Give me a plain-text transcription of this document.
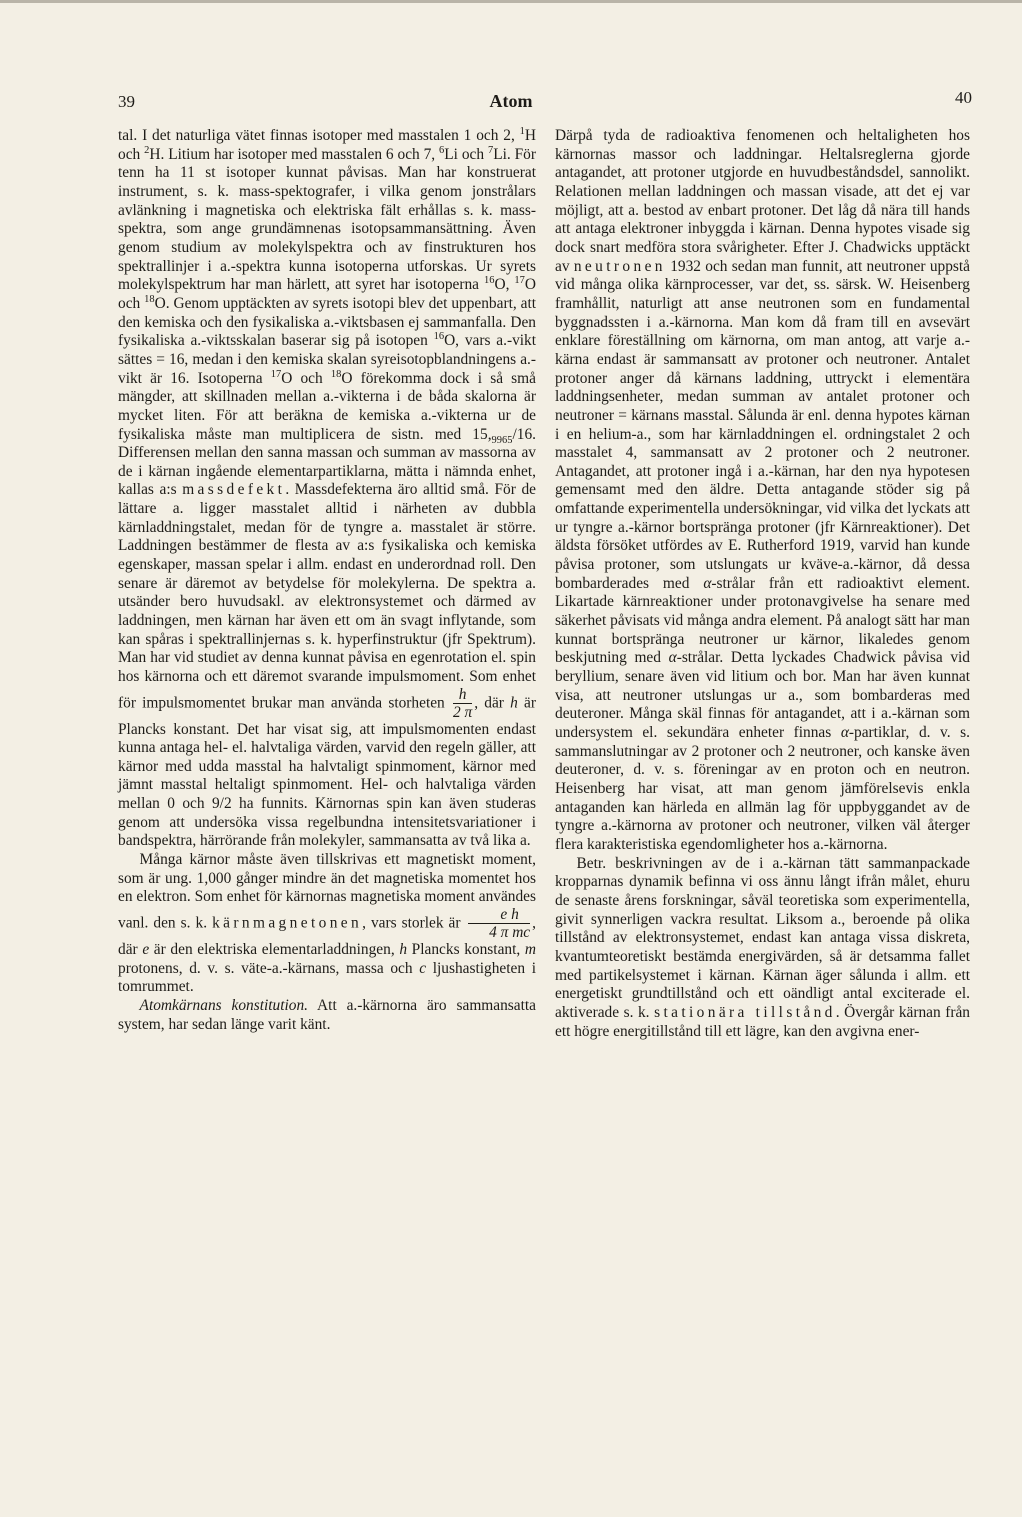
39	Atom	40

tal. I det naturliga vätet finnas isotoper med masstalen 1 och 2, $^1$H och $^2$H. Litium har isotoper med masstalen 6 och 7, $^6$Li och $^7$Li. För tenn ha 11 st isotoper kunnat påvisas. Man har konstruerat instrument, s. k. mass-spektografer, i vilka genom jonstrålars avlänkning i magnetiska och elektriska fält erhållas s. k. mass-spektra, som ange grundämnenas isotopsammansättning. Även genom studium av molekylspektra och av finstrukturen hos spektrallinjer i a.-spektra kunna isotoperna utforskas. Ur syrets molekylspektrum har man härlett, att syret har isotoperna $^{16}$O, $^{17}$O och $^{18}$O. Genom upptäckten av syrets isotopi blev det uppenbart, att den kemiska och den fysikaliska a.-viktsbasen ej sammanfalla. Den fysikaliska a.-viktsskalan baserar sig på isotopen $^{16}$O, vars a.-vikt sättes = 16, medan i den kemiska skalan syreisotopblandningens a.-vikt är 16. Isotoperna $^{17}$O och $^{18}$O förekomma dock i så små mängder, att skillnaden mellan a.-vikterna i de båda skalorna är mycket liten. För att beräkna de kemiska a.-vikterna ur de fysikaliska måste man multiplicera de sistn. med $15,_{9965}/16$. Differensen mellan den sanna massan och summan av massorna av de i kärnan ingående elementarpartiklarna, mätta i nämnda enhet, kallas a:s massdefekt. Massdefekterna äro alltid små. För de lättare a. ligger masstalet alltid i närheten av dubbla kärnladdningstalet, medan för de tyngre a. masstalet är större. Laddningen bestämmer de flesta av a:s fysikaliska och kemiska egenskaper, massan spelar i allm. endast en underordnad roll. Den senare är däremot av betydelse för molekylerna. De spektra a. utsänder bero huvudsakl. av elektronsystemet och därmed av laddningen, men kärnan har även ett om än svagt inflytande, som kan spåras i spektrallinjernas s. k. hyperfinstruktur (jfr Spektrum). Man har vid studiet av denna kunnat påvisa en egenrotation el. spin hos kärnorna och ett däremot svarande impulsmoment. Som enhet för impulsmomentet brukar man använda storheten $\frac{h}{2 \pi}$ , där h är Plancks konstant. Det har visat sig, att impulsmomenten endast kunna antaga hel- el. halvtaliga värden, varvid den regeln gäller, att kärnor med udda masstal ha halvtaligt spinmoment, kärnor med jämnt masstal heltaligt spinmoment. Hel- och halvtaliga värden mellan 0 och 9/2 ha funnits. Kärnornas spin kan även studeras genom att undersöka vissa regelbundna intensitetsvariationer i bandspektra, härrörande från molekyler, sammansatta av två lika a.

Många kärnor måste även tillskrivas ett magnetiskt moment, som är ung. 1,000 gånger mindre än det magnetiska momentet hos en elektron. Som enhet för kärnornas magnetiska moment användes vanl. den s. k. kärnmagnetonen, vars storlek är $\frac{\text{e h}}{\text{4 π mc}}$ , där e är den elektriska elementarladdningen, h Plancks konstant, m protonens, d. v. s. väte-a.-kärnans, massa och c ljushastigheten i tomrummet.

Atomkärnans konstitution. Att a.-kärnorna äro sammansatta system, har sedan länge varit känt.

Därpå tyda de radioaktiva fenomenen och heltaligheten hos kärnornas massor och laddningar. Heltalsreglerna gjorde antagandet, att protoner utgjorde en huvudbeståndsdel, sannolikt. Relationen mellan laddningen och massan visade, att det ej var möjligt, att a. bestod av enbart protoner. Det låg då nära till hands att antaga elektroner inbyggda i kärnan. Denna hypotes visade sig dock snart medföra stora svårigheter. Efter J. Chadwicks upptäckt av neutronen 1932 och sedan man funnit, att neutroner uppstå vid många olika kärnprocesser, var det, ss. särsk. W. Heisenberg framhållit, naturligt att anse neutronen som en fundamental byggnadssten i a.-kärnorna. Man kom då fram till en avsevärt enklare föreställning om kärnorna, om man antog, att varje a.-kärna endast är sammansatt av protoner och neutroner. Antalet protoner anger då kärnans laddning, uttryckt i elementära laddningsenheter, medan summan av antalet protoner och neutroner = kärnans masstal. Sålunda är enl. denna hypotes kärnan i en helium-a., som har kärnladdningen el. ordningstalet 2 och masstalet 4, sammansatt av 2 protoner och 2 neutroner. Antagandet, att protoner ingå i a.-kärnan, har den nya hypotesen gemensamt med den äldre. Detta antagande stöder sig på omfattande experimentella undersökningar, vid vilka det lyckats att ur tyngre a.-kärnor bortspränga protoner (jfr Kärnreaktioner). Det äldsta försöket utfördes av E. Rutherford 1919, varvid han kunde påvisa protoner, som utslungats ur kväve-a.-kärnor, då dessa bombarderades med α-strålar från ett radioaktivt element. Likartade kärnreaktioner under protonavgivelse ha senare med säkerhet påvisats vid många andra element. På analogt sätt har man kunnat bortspränga neutroner ur kärnor, likaledes genom beskjutning med α-strålar. Detta lyckades Chadwick påvisa vid beryllium, senare även vid litium och bor. Man har även kunnat visa, att neutroner utslungas ur a., som bombarderas med deuteroner. Många skäl finnas för antagandet, att i a.-kärnan som undersystem el. sekundära enheter finnas α-partiklar, d. v. s. sammanslutningar av 2 protoner och 2 neutroner, och kanske även deuteroner, d. v. s. föreningar av en proton och en neutron. Heisenberg har visat, att man genom jämförelsevis enkla antaganden kan härleda en allmän lag för uppbyggandet av de tyngre a.-kärnorna av protoner och neutroner, vilken väl återger flera karakteristiska egendomligheter hos a.-kärnorna.

Betr. beskrivningen av de i a.-kärnan tätt sammanpackade kropparnas dynamik befinna vi oss ännu långt ifrån målet, ehuru de senaste årens forskningar, såväl teoretiska som experimentella, givit synnerligen vackra resultat. Liksom a., beroende på olika tillstånd av elektronsystemet, endast kan antaga vissa diskreta, kvantumteoretiskt bestämda energivärden, så är detsamma fallet med partikelsystemet i kärnan. Kärnan äger sålunda i allm. ett energetiskt grundtillstånd och ett oändligt antal exciterade el. aktiverade s. k. stationära tillstånd. Övergår kärnan från ett högre energitillstånd till ett lägre, kan den avgivna ener-
